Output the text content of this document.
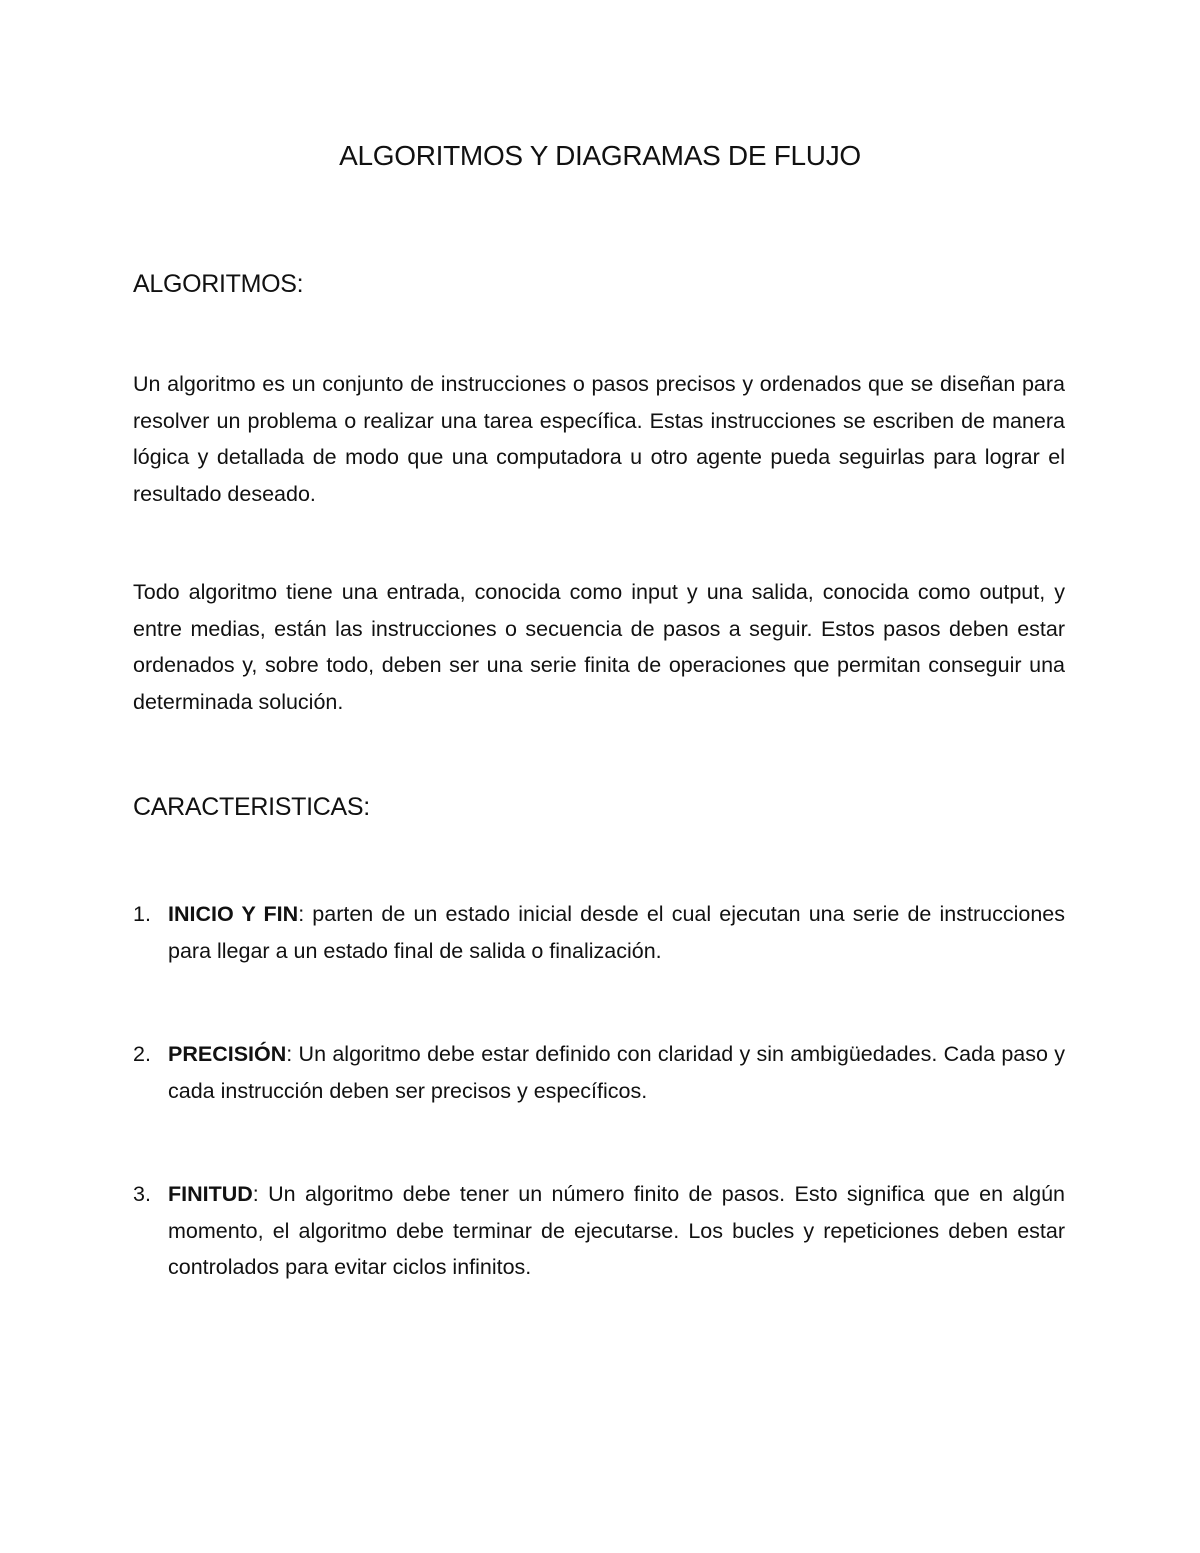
ALGORITMOS Y DIAGRAMAS DE FLUJO
ALGORITMOS:
Un algoritmo es un conjunto de instrucciones o pasos precisos y ordenados que se diseñan para resolver un problema o realizar una tarea específica. Estas instrucciones se escriben de manera lógica y detallada de modo que una computadora u otro agente pueda seguirlas para lograr el resultado deseado.
Todo algoritmo tiene una entrada, conocida como input y una salida, conocida como output, y entre medias, están las instrucciones o secuencia de pasos a seguir. Estos pasos deben estar ordenados y, sobre todo, deben ser una serie finita de operaciones que permitan conseguir una determinada solución.
CARACTERISTICAS:
1. INICIO Y FIN: parten de un estado inicial desde el cual ejecutan una serie de instrucciones para llegar a un estado final de salida o finalización.
2. PRECISIÓN: Un algoritmo debe estar definido con claridad y sin ambigüedades. Cada paso y cada instrucción deben ser precisos y específicos.
3. FINITUD: Un algoritmo debe tener un número finito de pasos. Esto significa que en algún momento, el algoritmo debe terminar de ejecutarse. Los bucles y repeticiones deben estar controlados para evitar ciclos infinitos.
